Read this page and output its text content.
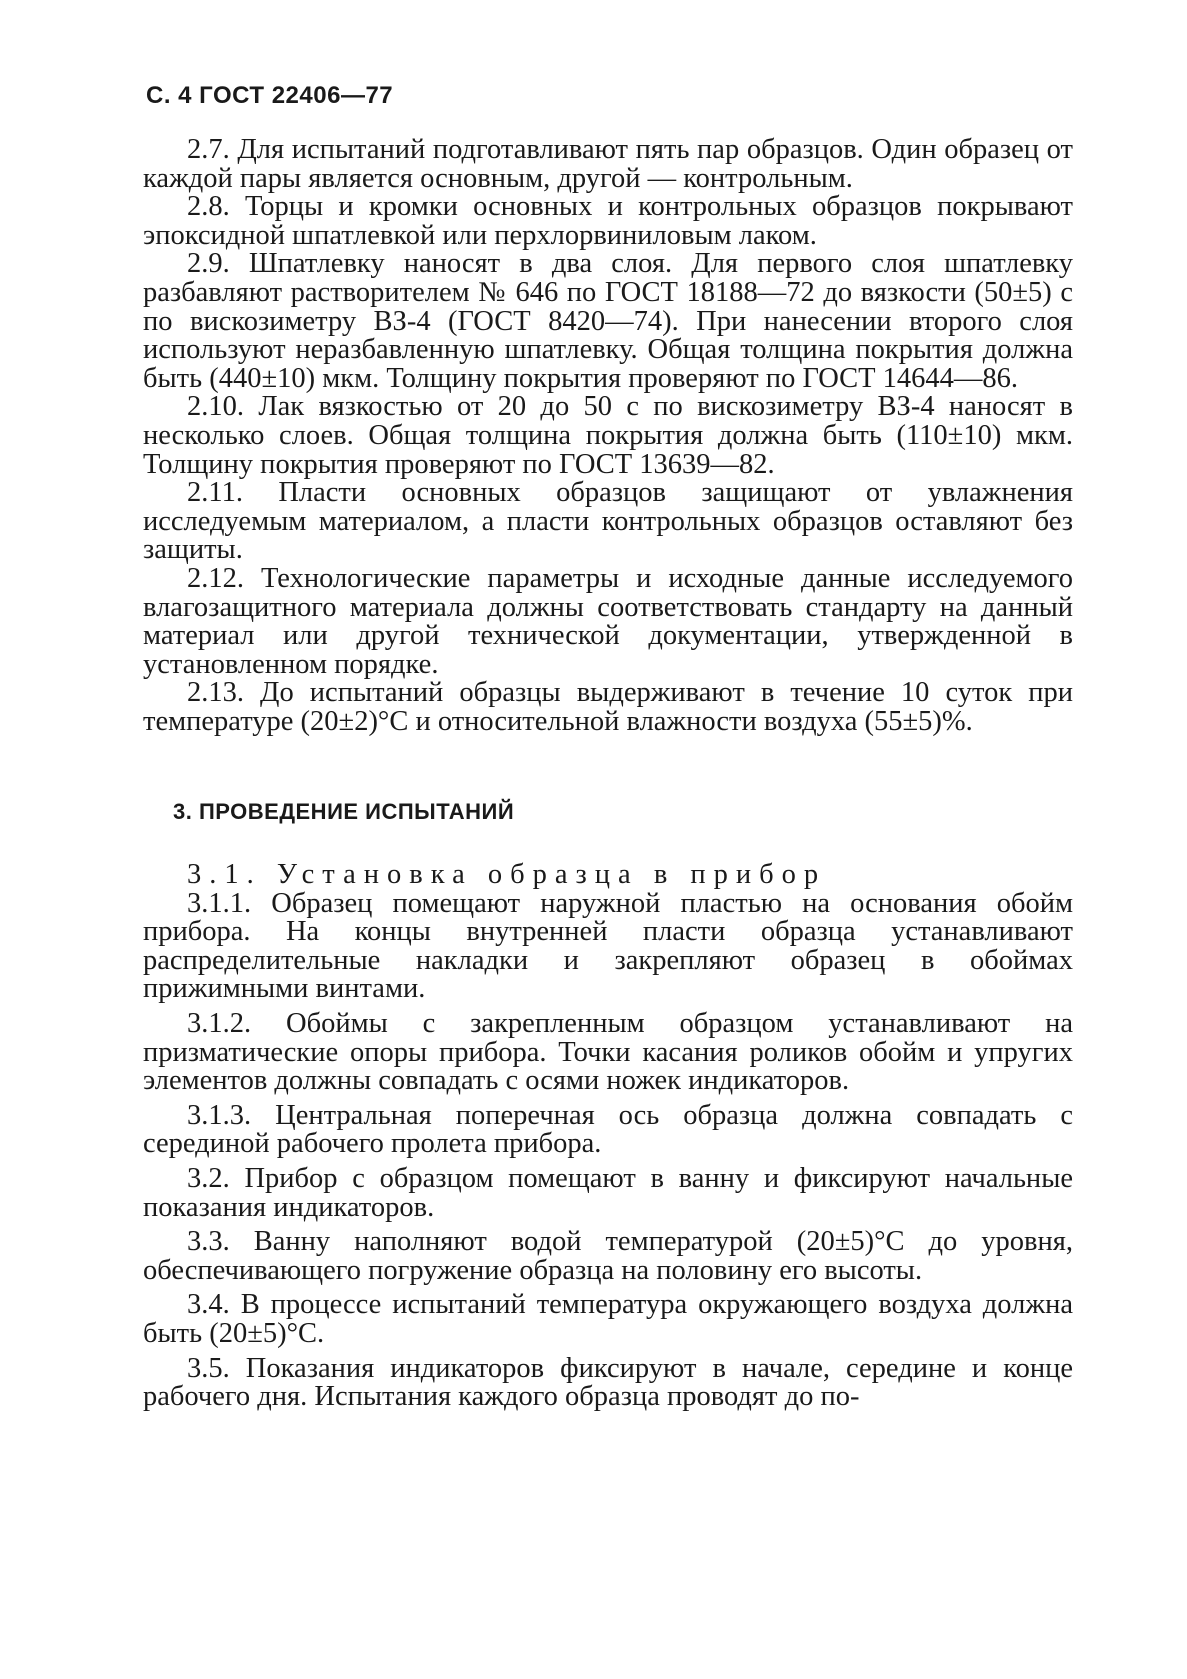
С. 4 ГОСТ 22406—77

2.7. Для испытаний подготавливают пять пар образцов. Один образец от каждой пары является основным, другой — контрольным.

2.8. Торцы и кромки основных и контрольных образцов покрывают эпоксидной шпатлевкой или перхлорвиниловым лаком.

2.9. Шпатлевку наносят в два слоя. Для первого слоя шпатлевку разбавляют растворителем № 646 по ГОСТ 18188—72 до вязкости (50±5) с по вискозиметру ВЗ-4 (ГОСТ 8420—74). При нанесении второго слоя используют неразбавленную шпатлевку. Общая толщина покрытия должна быть (440±10) мкм. Толщину покрытия проверяют по ГОСТ 14644—86.

2.10. Лак вязкостью от 20 до 50 с по вискозиметру ВЗ-4 наносят в несколько слоев. Общая толщина покрытия должна быть (110±10) мкм. Толщину покрытия проверяют по ГОСТ 13639—82.

2.11. Пласти основных образцов защищают от увлажнения исследуемым материалом, а пласти контрольных образцов оставляют без защиты.

2.12. Технологические параметры и исходные данные исследуемого влагозащитного материала должны соответствовать стандарту на данный материал или другой технической документации, утвержденной в установленном порядке.

2.13. До испытаний образцы выдерживают в течение 10 суток при температуре (20±2)°С и относительной влажности воздуха (55±5)%.

3. ПРОВЕДЕНИЕ ИСПЫТАНИЙ

3.1. Установка образца в прибор

3.1.1. Образец помещают наружной пластью на основания обойм прибора. На концы внутренней пласти образца устанавливают распределительные накладки и закрепляют образец в обоймах прижимными винтами.

3.1.2. Обоймы с закрепленным образцом устанавливают на призматические опоры прибора. Точки касания роликов обойм и упругих элементов должны совпадать с осями ножек индикаторов.

3.1.3. Центральная поперечная ось образца должна совпадать с серединой рабочего пролета прибора.

3.2. Прибор с образцом помещают в ванну и фиксируют начальные показания индикаторов.

3.3. Ванну наполняют водой температурой (20±5)°С до уровня, обеспечивающего погружение образца на половину его высоты.

3.4. В процессе испытаний температура окружающего воздуха должна быть (20±5)°С.

3.5. Показания индикаторов фиксируют в начале, середине и конце рабочего дня. Испытания каждого образца проводят до по-
